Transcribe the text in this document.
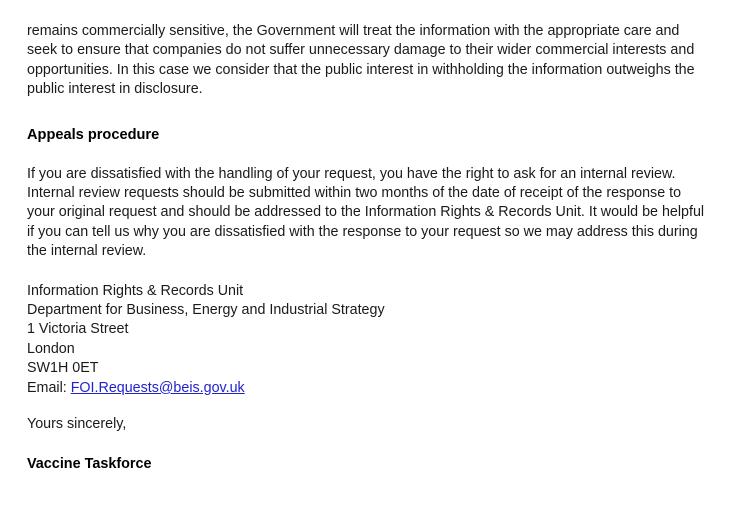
remains commercially sensitive, the Government will treat the information with the appropriate care and seek to ensure that companies do not suffer unnecessary damage to their wider commercial interests and opportunities. In this case we consider that the public interest in withholding the information outweighs the public interest in disclosure.

Appeals procedure

If you are dissatisfied with the handling of your request, you have the right to ask for an internal review. Internal review requests should be submitted within two months of the date of receipt of the response to your original request and should be addressed to the Information Rights & Records Unit. It would be helpful if you can tell us why you are dissatisfied with the response to your request so we may address this during the internal review.

Information Rights & Records Unit

Department for Business, Energy and Industrial Strategy

1 Victoria Street

London

SW1H 0ET

Email: FOI.Requests@beis.gov.uk

Yours sincerely,

Vaccine Taskforce
